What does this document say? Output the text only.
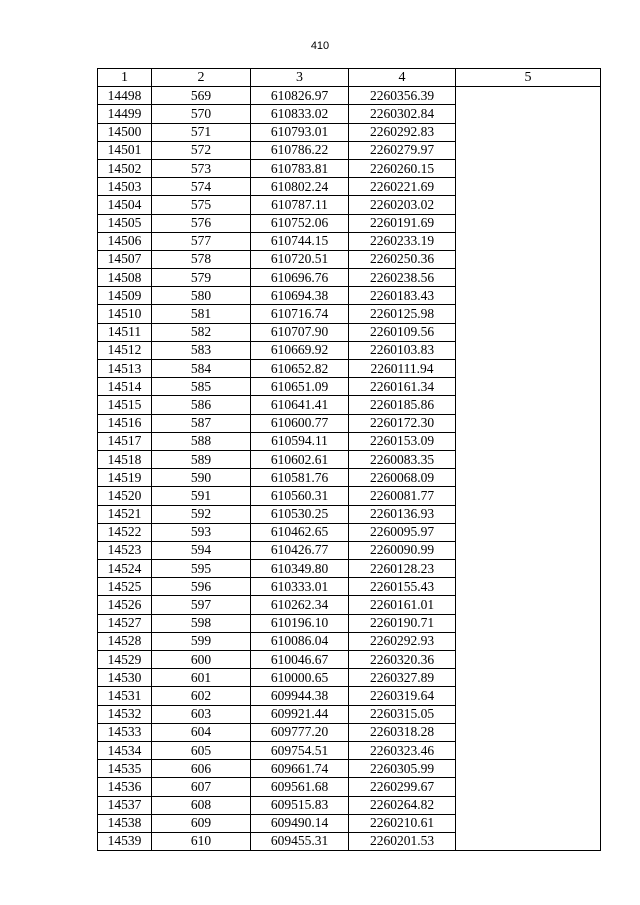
410
1	2	3	4	5
14498	569	610826.97	2260356.39	
14499	570	610833.02	2260302.84	
14500	571	610793.01	2260292.83	
14501	572	610786.22	2260279.97	
14502	573	610783.81	2260260.15	
14503	574	610802.24	2260221.69	
14504	575	610787.11	2260203.02	
14505	576	610752.06	2260191.69	
14506	577	610744.15	2260233.19	
14507	578	610720.51	2260250.36	
14508	579	610696.76	2260238.56	
14509	580	610694.38	2260183.43	
14510	581	610716.74	2260125.98	
14511	582	610707.90	2260109.56	
14512	583	610669.92	2260103.83	
14513	584	610652.82	2260111.94	
14514	585	610651.09	2260161.34	
14515	586	610641.41	2260185.86	
14516	587	610600.77	2260172.30	
14517	588	610594.11	2260153.09	
14518	589	610602.61	2260083.35	
14519	590	610581.76	2260068.09	
14520	591	610560.31	2260081.77	
14521	592	610530.25	2260136.93	
14522	593	610462.65	2260095.97	
14523	594	610426.77	2260090.99	
14524	595	610349.80	2260128.23	
14525	596	610333.01	2260155.43	
14526	597	610262.34	2260161.01	
14527	598	610196.10	2260190.71	
14528	599	610086.04	2260292.93	
14529	600	610046.67	2260320.36	
14530	601	610000.65	2260327.89	
14531	602	609944.38	2260319.64	
14532	603	609921.44	2260315.05	
14533	604	609777.20	2260318.28	
14534	605	609754.51	2260323.46	
14535	606	609661.74	2260305.99	
14536	607	609561.68	2260299.67	
14537	608	609515.83	2260264.82	
14538	609	609490.14	2260210.61	
14539	610	609455.31	2260201.53	
